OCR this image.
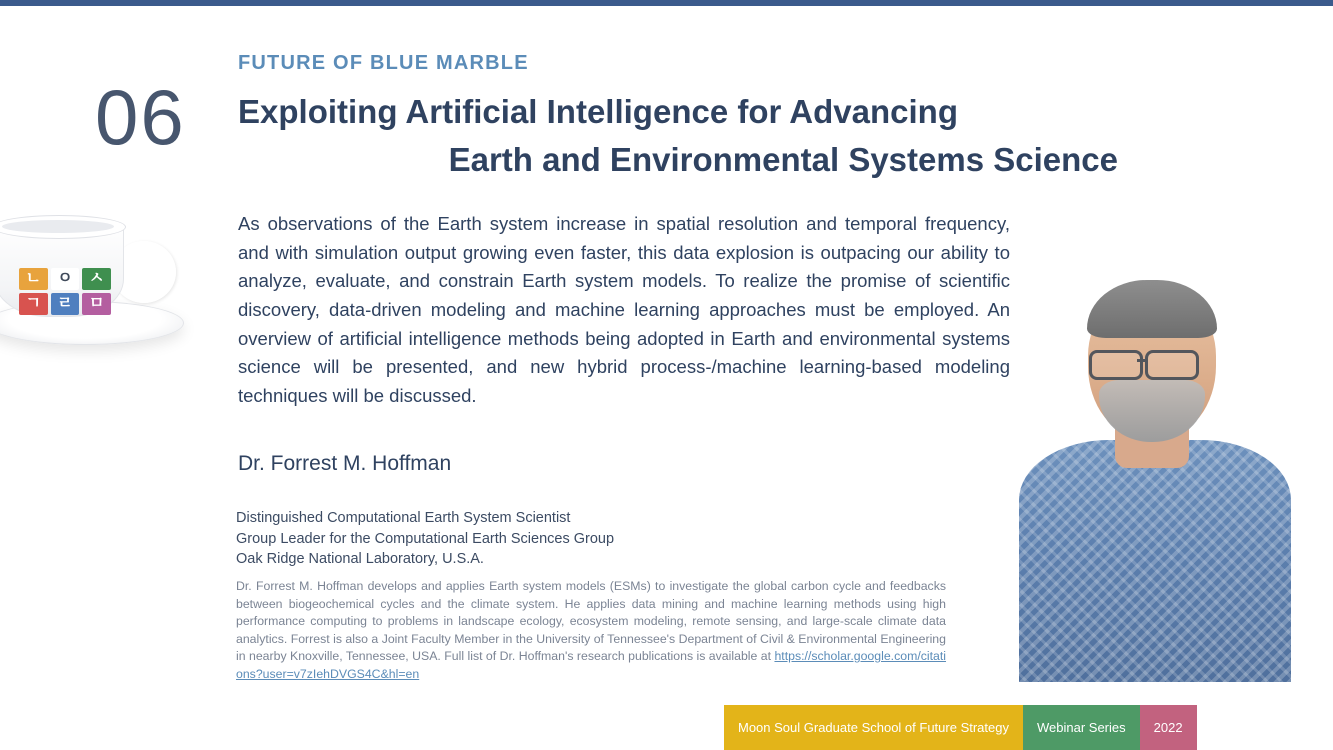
06
FUTURE OF BLUE MARBLE
Exploiting Artificial Intelligence for Advancing
Earth and Environmental Systems Science
As observations of the Earth system increase in spatial resolution and temporal frequency, and with simulation output growing even faster, this data explosion is outpacing our ability to analyze, evaluate, and constrain Earth system models. To realize the promise of scientific discovery, data-driven modeling and machine learning approaches must be employed. An overview of artificial intelligence methods being adopted in Earth and environmental systems science will be presented, and new hybrid process-/machine learning-based modeling techniques will be discussed.
Dr. Forrest M. Hoffman
Distinguished Computational Earth System Scientist
Group Leader for the Computational Earth Sciences Group
Oak Ridge National Laboratory, U.S.A.
Dr. Forrest M. Hoffman develops and applies Earth system models (ESMs) to investigate the global carbon cycle and feedbacks between biogeochemical cycles and the climate system. He applies data mining and machine learning methods using high performance computing to problems in landscape ecology, ecosystem modeling, remote sensing, and large-scale climate data analytics. Forrest is also a Joint Faculty Member in the University of Tennessee's Department of Civil & Environmental Engineering in nearby Knoxville, Tennessee, USA. Full list of Dr. Hoffman's research publications is available at https://scholar.google.com/citations?user=v7zIehDVGS4C&hl=en
ㄴ	ㅇ	ㅅ
ㄱ	ㄹ	ㅁ
Moon Soul Graduate School of Future Strategy	Webinar Series	2022
